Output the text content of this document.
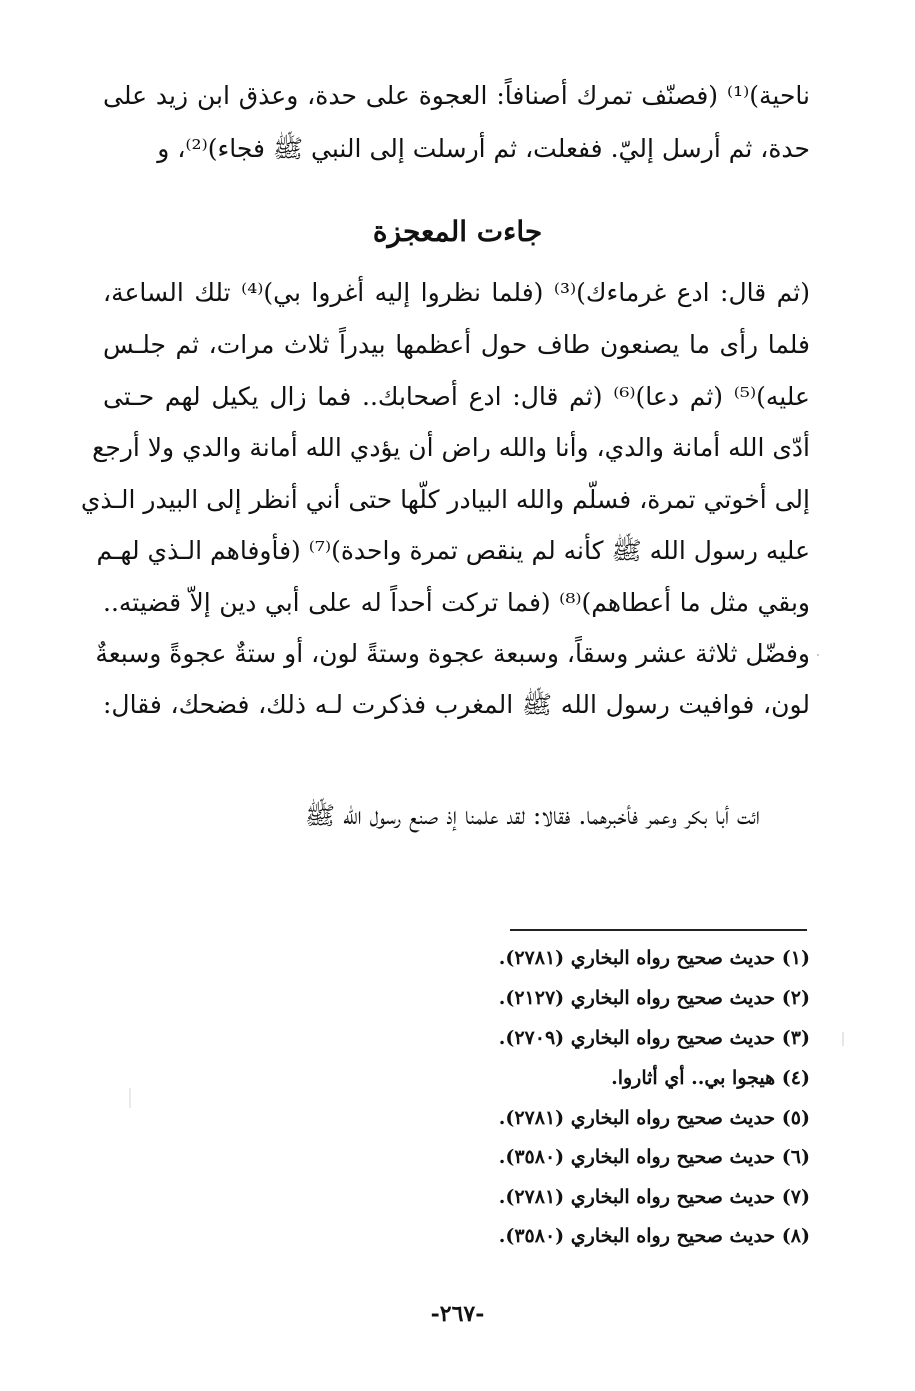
ناحية)⁽¹⁾ (فصنّف تمرك أصنافاً: العجوة على حدة، وعذق ابن زيد على
حدة، ثم أرسل إليّ. ففعلت، ثم أرسلت إلى النبي ﷺ فجاء)⁽²⁾، و
جاءت المعجزة
(ثم قال: ادع غرماءك)⁽³⁾ (فلما نظروا إليه أغروا بي)⁽⁴⁾ تلك الساعة،
فلما رأى ما يصنعون طاف حول أعظمها بيدراً ثلاث مرات، ثم جلـس
عليه)⁽⁵⁾ (ثم دعا)⁽⁶⁾ (ثم قال: ادع أصحابك.. فما زال يكيل لهم حـتى
أدّى الله أمانة والدي، وأنا والله راض أن يؤدي الله أمانة والدي ولا أرجع
إلى أخوتي تمرة، فسلّم والله البيادر كلّها حتى أني أنظر إلى البيدر الـذي
عليه رسول الله ﷺ كأنه لم ينقص تمرة واحدة)⁽⁷⁾ (فأوفاهم الـذي لهـم
وبقي مثل ما أعطاهم)⁽⁸⁾ (فما تركت أحداً له على أبي دين إلاّ قضيته..
وفضّل ثلاثة عشر وسقاً، وسبعة عجوة وستةً لون، أو ستةٌ عجوةً وسبعةٌ
لون، فوافيت رسول الله ﷺ المغرب فذكرت لـه ذلك، فضحك، فقال:
ائت أبا بكر وعمر فأخبرهما. فقالا: لقد علمنا إذ صنع رسول الله ﷺ
(١) حديث صحيح رواه البخاري (٢٧٨١).
(٢) حديث صحيح رواه البخاري (٢١٢٧).
(٣) حديث صحيح رواه البخاري (٢٧٠٩).
(٤) هيجوا بي.. أي أثاروا.
(٥) حديث صحيح رواه البخاري (٢٧٨١).
(٦) حديث صحيح رواه البخاري (٣٥٨٠).
(٧) حديث صحيح رواه البخاري (٢٧٨١).
(٨) حديث صحيح رواه البخاري (٣٥٨٠).
-٢٦٧-
